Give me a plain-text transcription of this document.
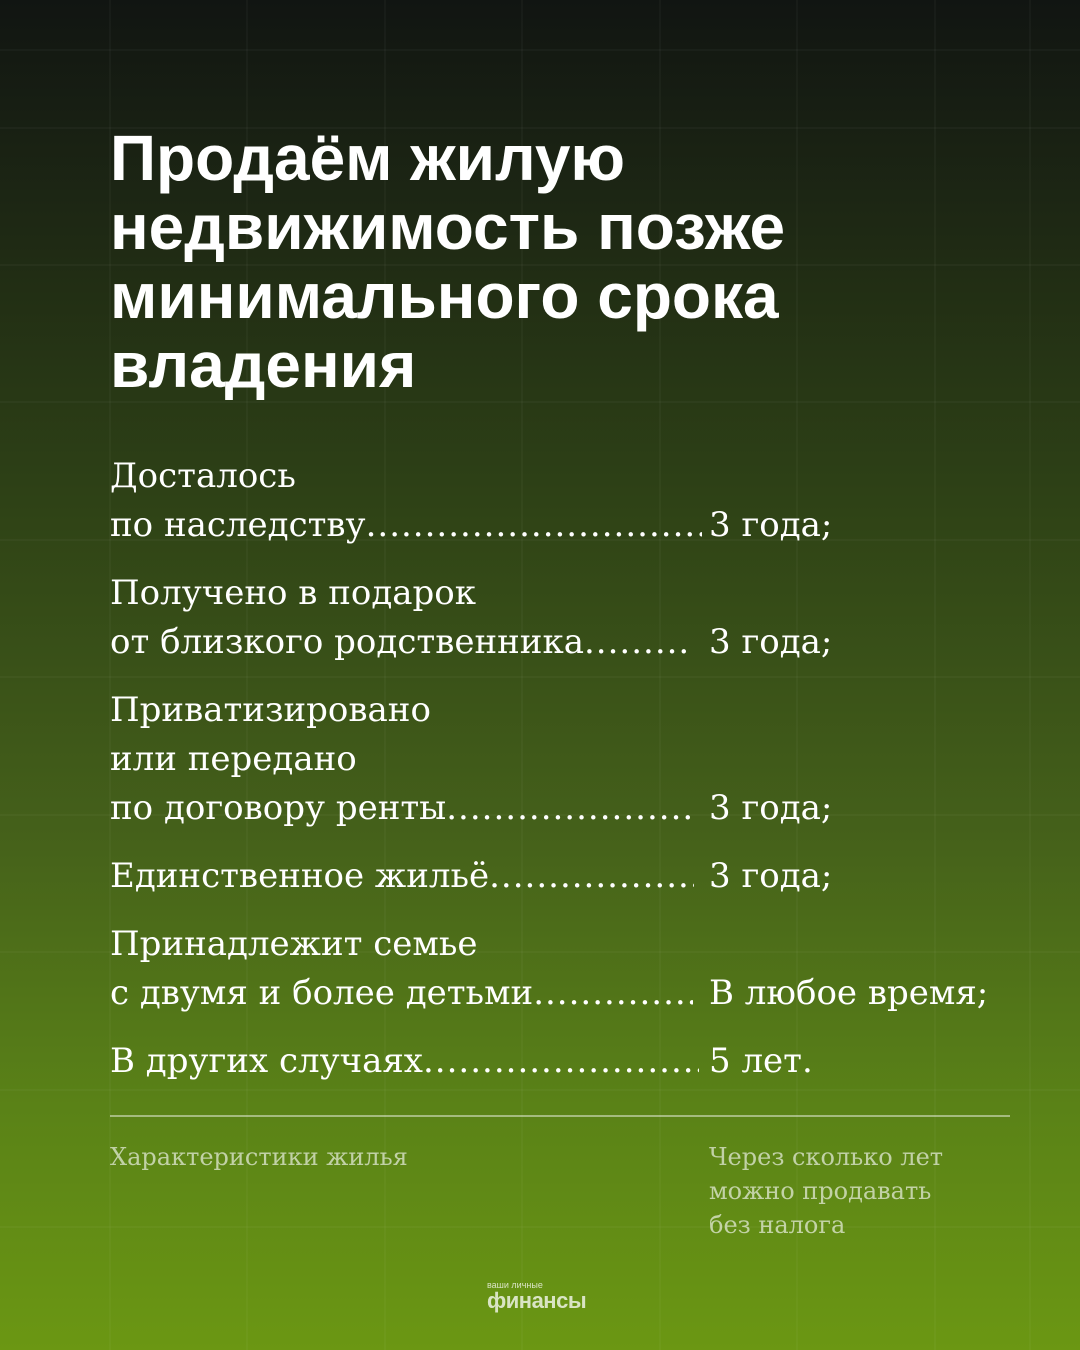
Продаём жилую
недвижимость позже
минимального срока
владения
Досталось
по наследству .....	3 года;
Получено в подарок
от близкого родственника .....	3 года;
Приватизировано
или передано
по договору ренты .....	3 года;
Единственное жильё .....	3 года;
Принадлежит семье
с двумя и более детьми .....	В любое время;
В других случаях .....	5 лет.
Характеристики жилья	Через сколько лет
можно продавать
без налога
ваши личные
финансы
